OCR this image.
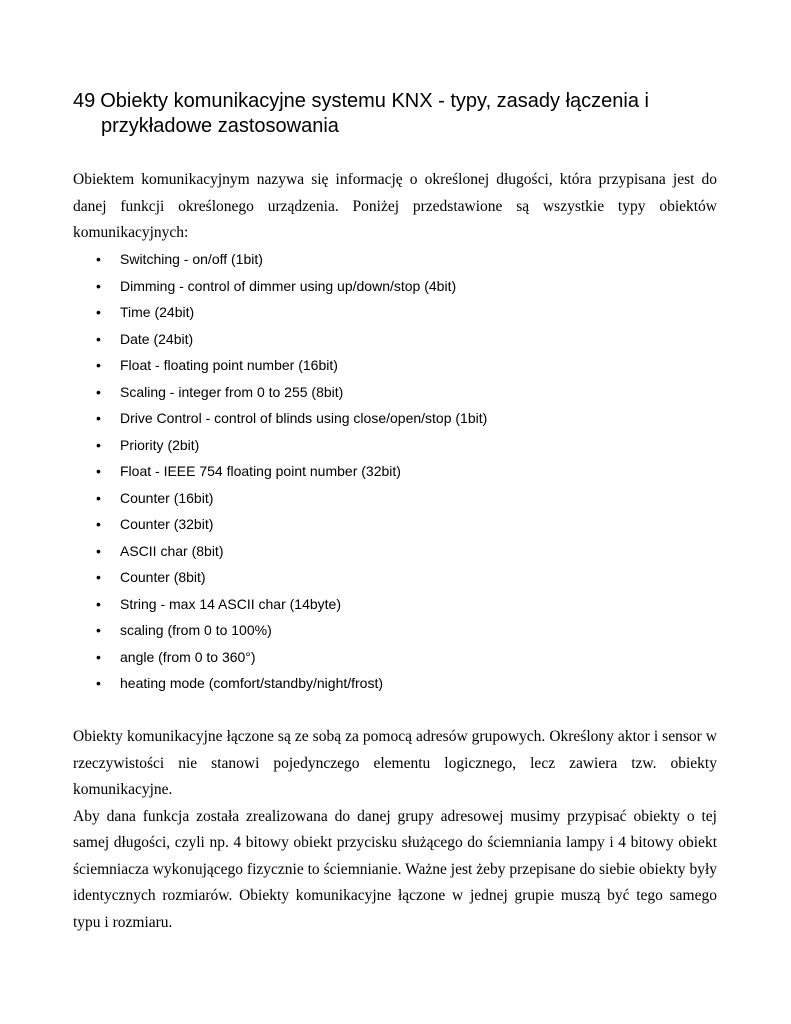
49 Obiekty komunikacyjne systemu KNX - typy, zasady łączenia i
przykładowe zastosowania

Obiektem komunikacyjnym nazywa się informację o określonej długości, która przypisana jest do danej funkcji określonego urządzenia. Poniżej przedstawione są wszystkie typy obiektów komunikacyjnych:

• Switching - on/off (1bit)
• Dimming - control of dimmer using up/down/stop (4bit)
• Time (24bit)
• Date (24bit)
• Float - floating point number (16bit)
• Scaling - integer from 0 to 255 (8bit)
• Drive Control - control of blinds using close/open/stop (1bit)
• Priority (2bit)
• Float - IEEE 754 floating point number (32bit)
• Counter (16bit)
• Counter (32bit)
• ASCII char (8bit)
• Counter (8bit)
• String - max 14 ASCII char (14byte)
• scaling (from 0 to 100%)
• angle (from 0 to 360°)
• heating mode (comfort/standby/night/frost)

Obiekty komunikacyjne łączone są ze sobą za pomocą adresów grupowych. Określony aktor i sensor w rzeczywistości nie stanowi pojedynczego elementu logicznego, lecz zawiera tzw. obiekty komunikacyjne.

Aby dana funkcja została zrealizowana do danej grupy adresowej musimy przypisać obiekty o tej samej długości, czyli np. 4 bitowy obiekt przycisku służącego do ściemniania lampy i 4 bitowy obiekt ściemniacza wykonującego fizycznie to ściemnianie. Ważne jest żeby przepisane do siebie obiekty były identycznych rozmiarów. Obiekty komunikacyjne łączone w jednej grupie muszą być tego samego typu i rozmiaru.
